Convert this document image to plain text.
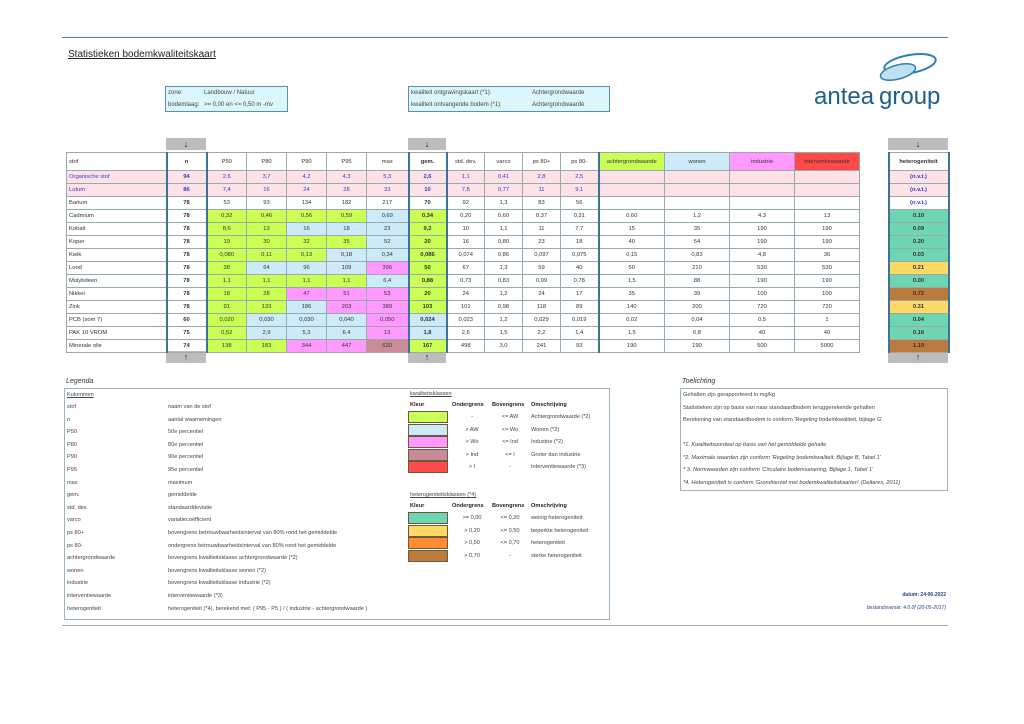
Statistieken bodemkwaliteitskaart
zone:	Landbouw / Natuur
bodemlaag: >= 0,00 en <= 0,50 m -mv
kwaliteit ontgravingskaart (*1):	Achtergrondwaarde
kwaliteit ontvangende bodem (*1):	Achtergrondwaarde	antea group
↓	↓	↓
↑	↑	↑
stof	n	P50	P80	P90	P95	max	gem.	std. dev.	varco	ps 80+	ps 80-	achtergrondwaarde	wonen	industrie	interventiewaarde		heterogeniteit
Organische stof	94	2,6	3,7	4,2	4,3	5,3	2,6	1,1	0,41	2,8	2,5						(n.v.t.)
Lutum	86	7,4	16	24	28	33	10	7,8	0,77	11	9,1						(n.v.t.)
Barium	78	53	93	134	182	217	70	92	1,3	83	56						(n.v.t.)
Cadmium	78	0,32	0,46	0,56	0,59	0,69	0,34	0,20	0,60	0,37	0,31	0,60	1,2	4,3	13		0.10
Kobalt	78	8,6	13	16	18	23	9,2	10	1,1	11	7,7	15	35	190	190		0.09
Koper	78	19	30	32	35	52	20	16	0,80	23	18	40	54	190	190		0.20
Kwik	78	0,080	0,11	0,13	0,18	0,34	0,086	0,074	0,86	0,097	0,075	0,15	0,83	4,8	36		0.03
Lood	78	38	64	96	109	396	50	67	1,3	59	40	50	210	530	530		0.21
Molybdeen	78	1,1	1,1	1,1	1,1	6,4	0,88	0,73	0,83	0,99	0,78	1,5	88	190	190		0.00
Nikkel	78	18	28	47	51	53	20	24	1,2	24	17	35	39	100	100		0.72
Zink	78	91	133	186	203	389	103	101	0,98	118	89	140	200	720	720		0.31
PCB (som 7)	60	0,020	0,030	0,030	0,040	0,050	0,024	0,023	1,2	0,029	0,019	0,02	0,04	0,5	1		0.04
PAK 10 VROM	75	0,52	2,9	5,3	6,4	13	1,8	2,6	1,5	2,2	1,4	1,5	6,8	40	40		0.16
Minerale olie	74	138	183	344	447	630	167	498	3,0	241	93	190	190	500	5000		1.19
Legenda
Kolommen
stof	naam van de stof
n	aantal waarnemingen
P50	50e percentiel
P80	80e percentiel
P90	90e percentiel
P95	95e percentiel
max	maximum
gem.	gemiddelde
std. dev.	standaarddeviatie
varco	variatiecoëfficient
ps 80+	bovengrens betrouwbaarheidsinterval van 80% rond het gemiddelde
ps 80-	ondergrens betrouwbaarheidsinterval van 80% rond het gemiddelde
achtergrondwaarde	bovengrens kwaliteitsklasse achtergrondwaarde (*2)
wonen	bovengrens kwaliteitsklasse wonen (*2)
industrie	bovengrens kwaliteitsklasse industrie (*2)
interventiewaarde	interventiewaarde (*3)
heterogeniteit	heterogeniteit (*4), berekend met: ( P95 - P5 ) / ( industrie - achtergrondwaarde )
kwaliteitsklassen
Kleur	Ondergrens Bovengrens Omschrijving
-	<= AW	Achtergrondwaarde (*2)
> AW	<= Wo	Wonen (*2)
> Wo	<= Ind	Industrie (*2)
> Ind	<= I	Groter dan industrie
> I	-	Interventiewaarde (*3)
heterogeniteitsklassen (*4)
Kleur	Ondergrens Bovengrens Omschrijving
>= 0,00	<= 0,20	weinig heterogeniteit
> 0,20	<= 0,50	beperkte heterogeniteit
> 0,50	<= 0,70	heterogeniteit
> 0,70	-	sterke heterogeniteit
Toelichting
Gehalten zijn gerapporteerd in mg/kg
Statistieken zijn op basis van naar standaardbodem teruggerekende gehalten
Berekening van standaardbodem is conform 'Regeling bodemkwaliteit, bijlage G'
*1. Kwaliteitsoordeel op basis van het gemiddelde gehalte
*2. Maximale waarden zijn conform 'Regeling bodemkwaliteit, Bijlage B, Tabel 1'
* 3. Normwaarden zijn conform 'Circulaire bodemsanering, Bijlage 1, Tabel 1'
*4. Heterogeniteit is conform 'Grondverzet met bodemkwaliteitskaarten' (Deltares, 2011)
datum: 24-06-2022
bestandsversie: 4.0.0f (20-05-2017)
